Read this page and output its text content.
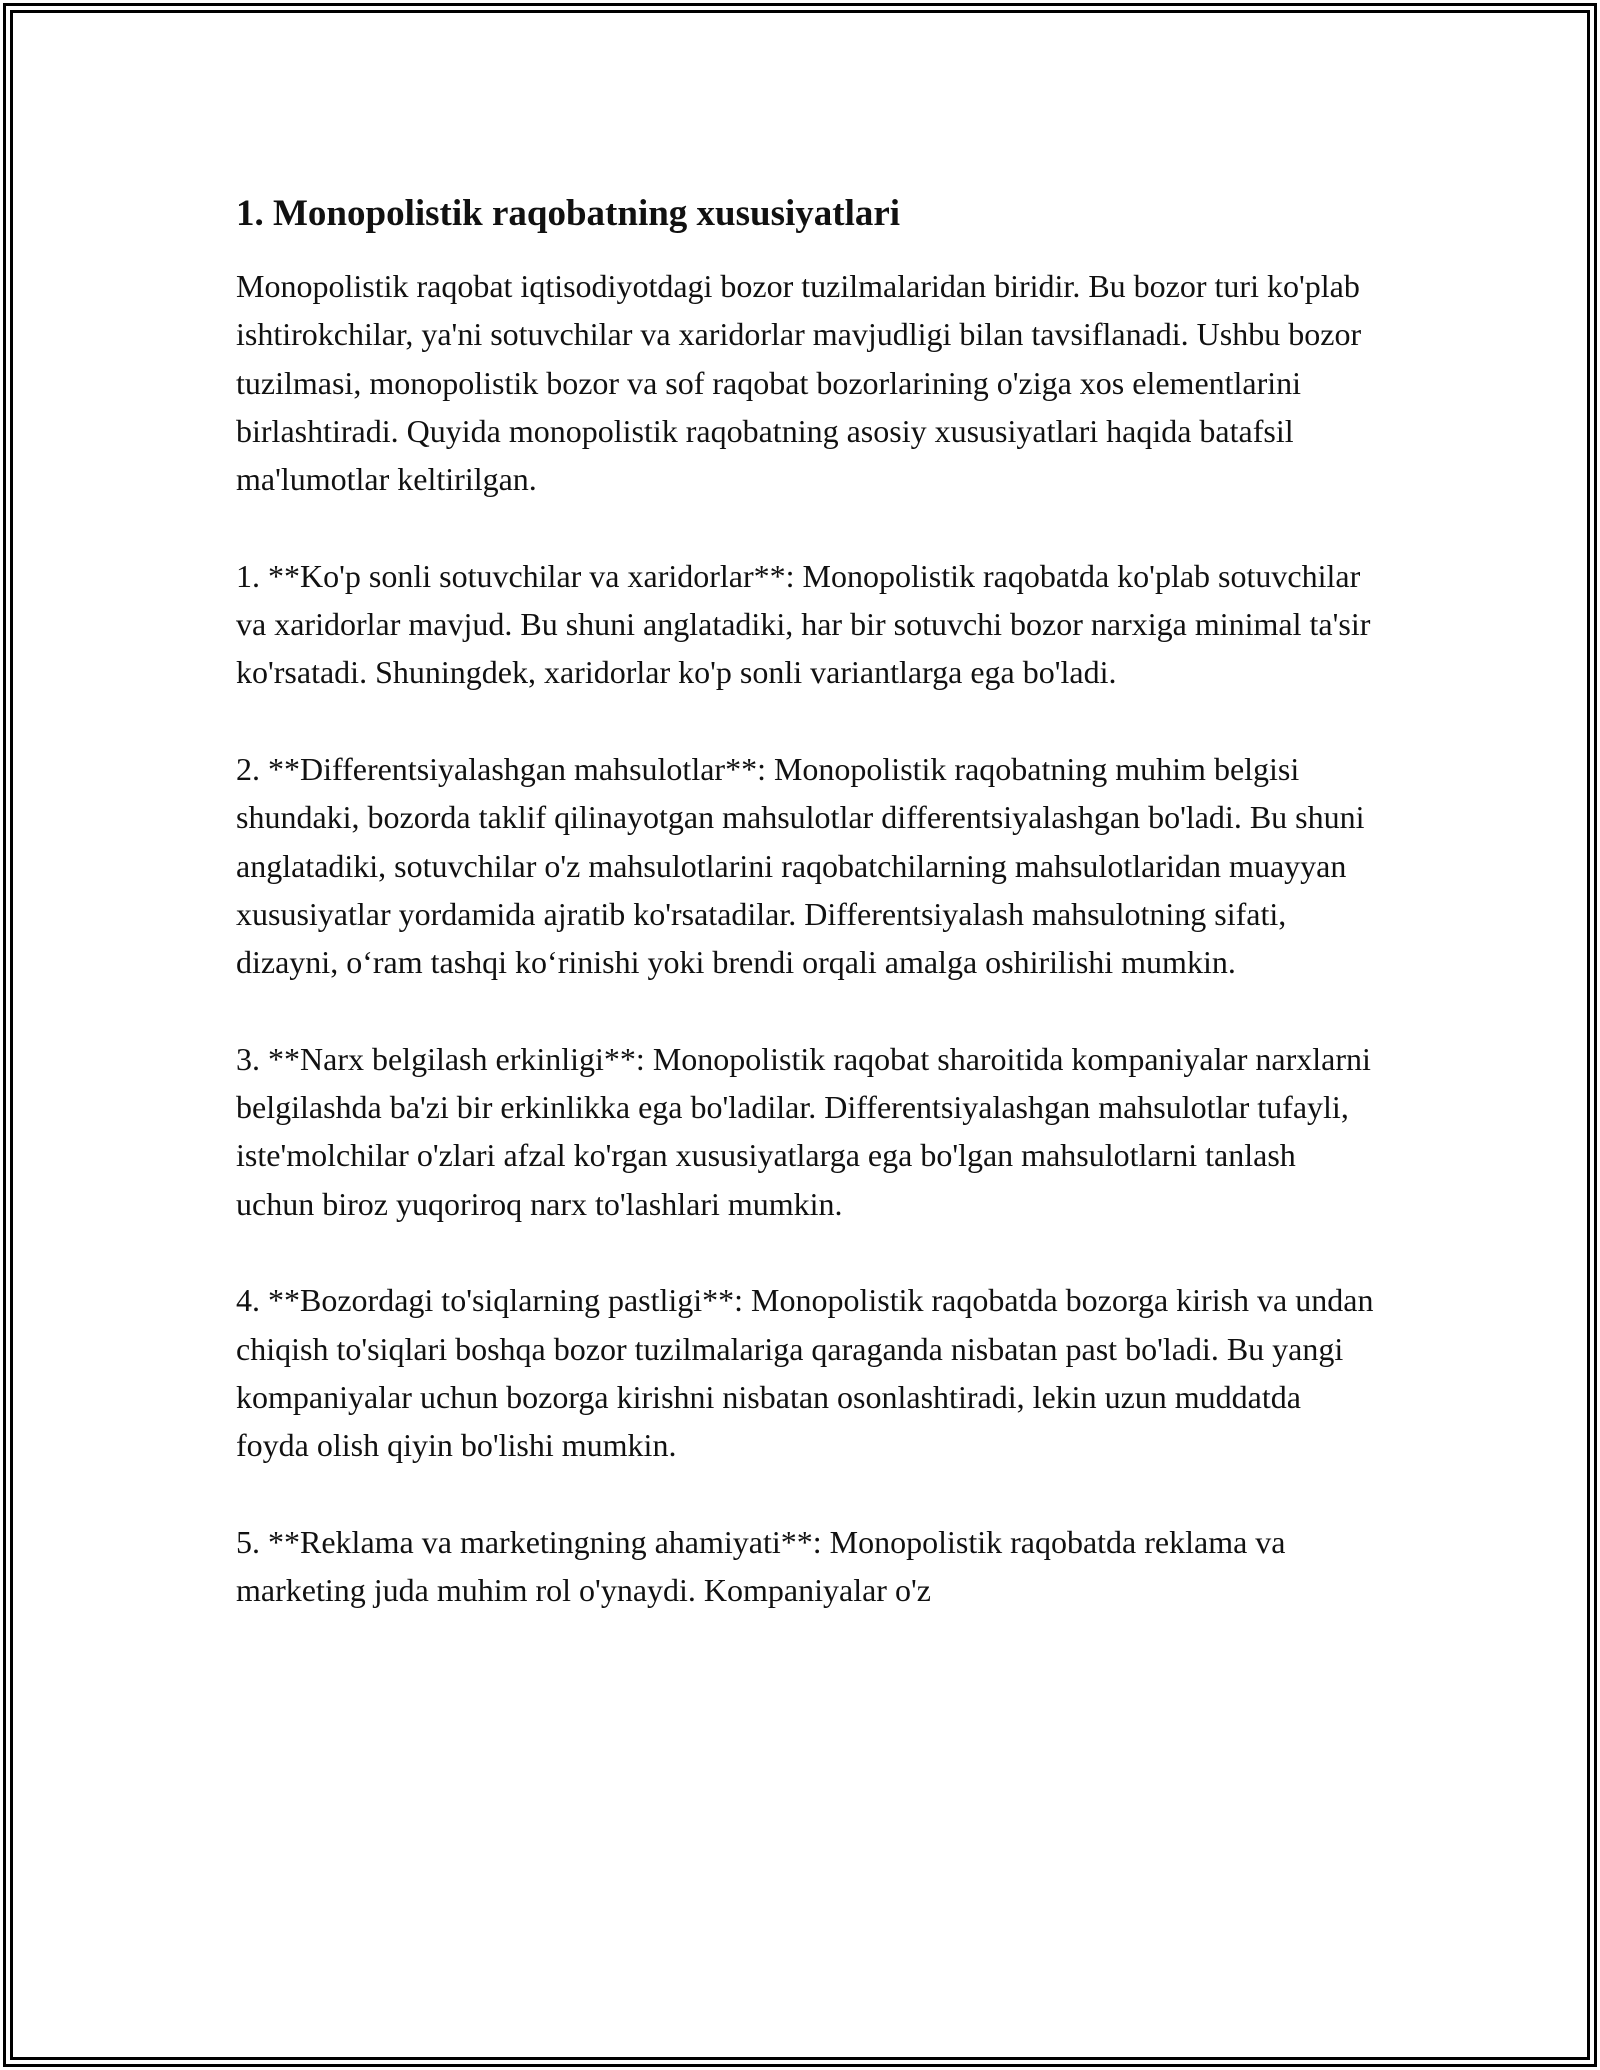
1. Monopolistik raqobatning xususiyatlari

Monopolistik raqobat iqtisodiyotdagi bozor tuzilmalaridan biridir. Bu bozor turi ko'plab ishtirokchilar, ya'ni sotuvchilar va xaridorlar mavjudligi bilan tavsiflanadi. Ushbu bozor tuzilmasi, monopolistik bozor va sof raqobat bozorlarining o'ziga xos elementlarini birlashtiradi. Quyida monopolistik raqobatning asosiy xususiyatlari haqida batafsil ma'lumotlar keltirilgan.

1. **Ko'p sonli sotuvchilar va xaridorlar**: Monopolistik raqobatda ko'plab sotuvchilar va xaridorlar mavjud. Bu shuni anglatadiki, har bir sotuvchi bozor narxiga minimal ta'sir ko'rsatadi. Shuningdek, xaridorlar ko'p sonli variantlarga ega bo'ladi.

2. **Differentsiyalashgan mahsulotlar**: Monopolistik raqobatning muhim belgisi shundaki, bozorda taklif qilinayotgan mahsulotlar differentsiyalashgan bo'ladi. Bu shuni anglatadiki, sotuvchilar o'z mahsulotlarini raqobatchilarning mahsulotlaridan muayyan xususiyatlar yordamida ajratib ko'rsatadilar. Differentsiyalash mahsulotning sifati, dizayni, o‘ram tashqi ko‘rinishi yoki brendi orqali amalga oshirilishi mumkin.

3. **Narx belgilash erkinligi**: Monopolistik raqobat sharoitida kompaniyalar narxlarni belgilashda ba'zi bir erkinlikka ega bo'ladilar. Differentsiyalashgan mahsulotlar tufayli, iste'molchilar o'zlari afzal ko'rgan xususiyatlarga ega bo'lgan mahsulotlarni tanlash uchun biroz yuqoriroq narx to'lashlari mumkin.

4. **Bozordagi to'siqlarning pastligi**: Monopolistik raqobatda bozorga kirish va undan chiqish to'siqlari boshqa bozor tuzilmalariga qaraganda nisbatan past bo'ladi. Bu yangi kompaniyalar uchun bozorga kirishni nisbatan osonlashtiradi, lekin uzun muddatda foyda olish qiyin bo'lishi mumkin.

5. **Reklama va marketingning ahamiyati**: Monopolistik raqobatda reklama va marketing juda muhim rol o'ynaydi. Kompaniyalar o'z
